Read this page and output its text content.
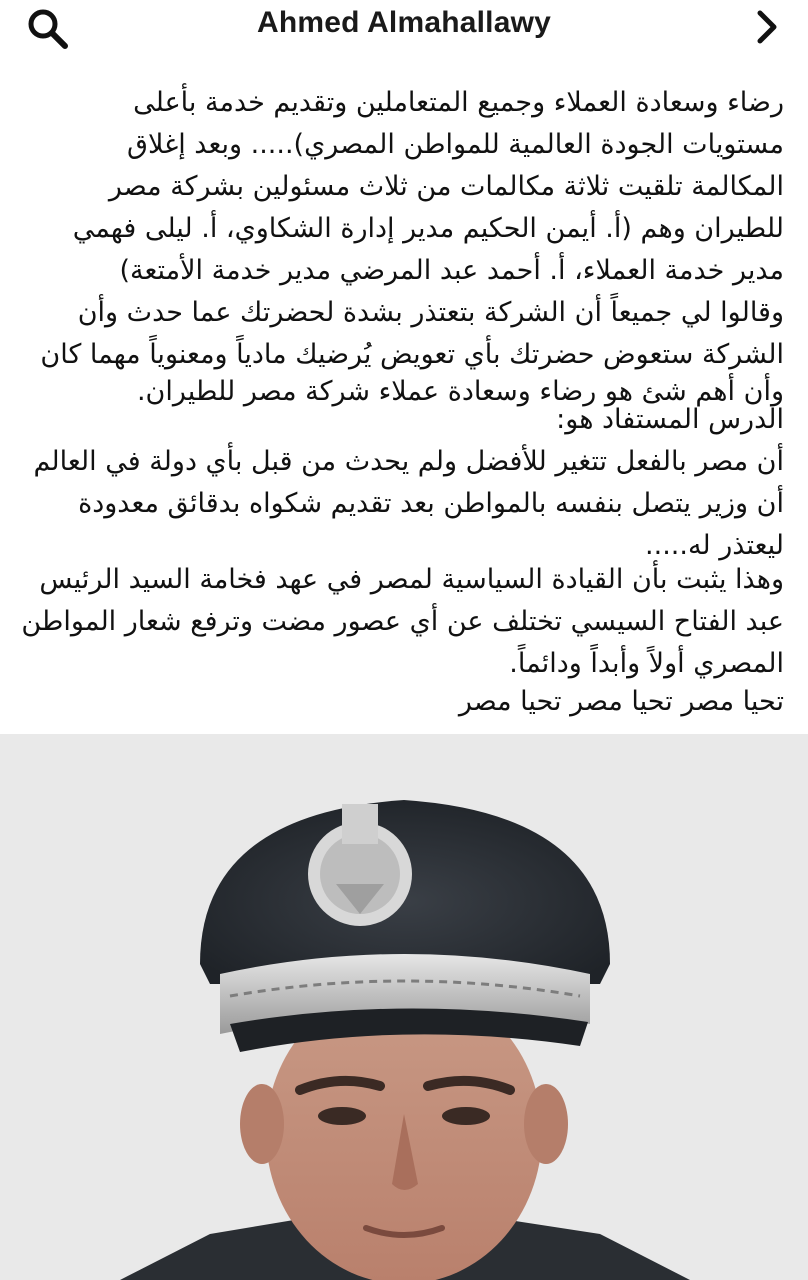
Ahmed Almahallawy
رضاء وسعادة العملاء وجميع المتعاملين وتقديم خدمة بأعلى
مستويات الجودة العالمية للمواطن المصري)..... وبعد إغلاق
المكالمة تلقيت ثلاثة مكالمات من ثلاث مسئولين بشركة مصر
للطيران وهم (أ. أيمن الحكيم مدير إدارة الشكاوي، أ. ليلى فهمي
مدير خدمة العملاء، أ. أحمد عبد المرضي مدير خدمة الأمتعة)
وقالوا لي جميعاً أن الشركة بتعتذر بشدة لحضرتك عما حدث وأن
الشركة ستعوض حضرتك بأي تعويض يُرضيك مادياً ومعنوياً مهما كان
وأن أهم شئ هو رضاء وسعادة عملاء شركة مصر للطيران.
الدرس المستفاد هو:
أن مصر بالفعل تتغير للأفضل ولم يحدث من قبل بأي دولة في العالم
أن وزير يتصل بنفسه بالمواطن بعد تقديم شكواه بدقائق معدودة
ليعتذر له.....
وهذا يثبت بأن القيادة السياسية لمصر في عهد فخامة السيد الرئيس
عبد الفتاح السيسي تختلف عن أي عصور مضت وترفع شعار المواطن
المصري أولاً وأبداً ودائماً.
تحيا مصر تحيا مصر تحيا مصر
